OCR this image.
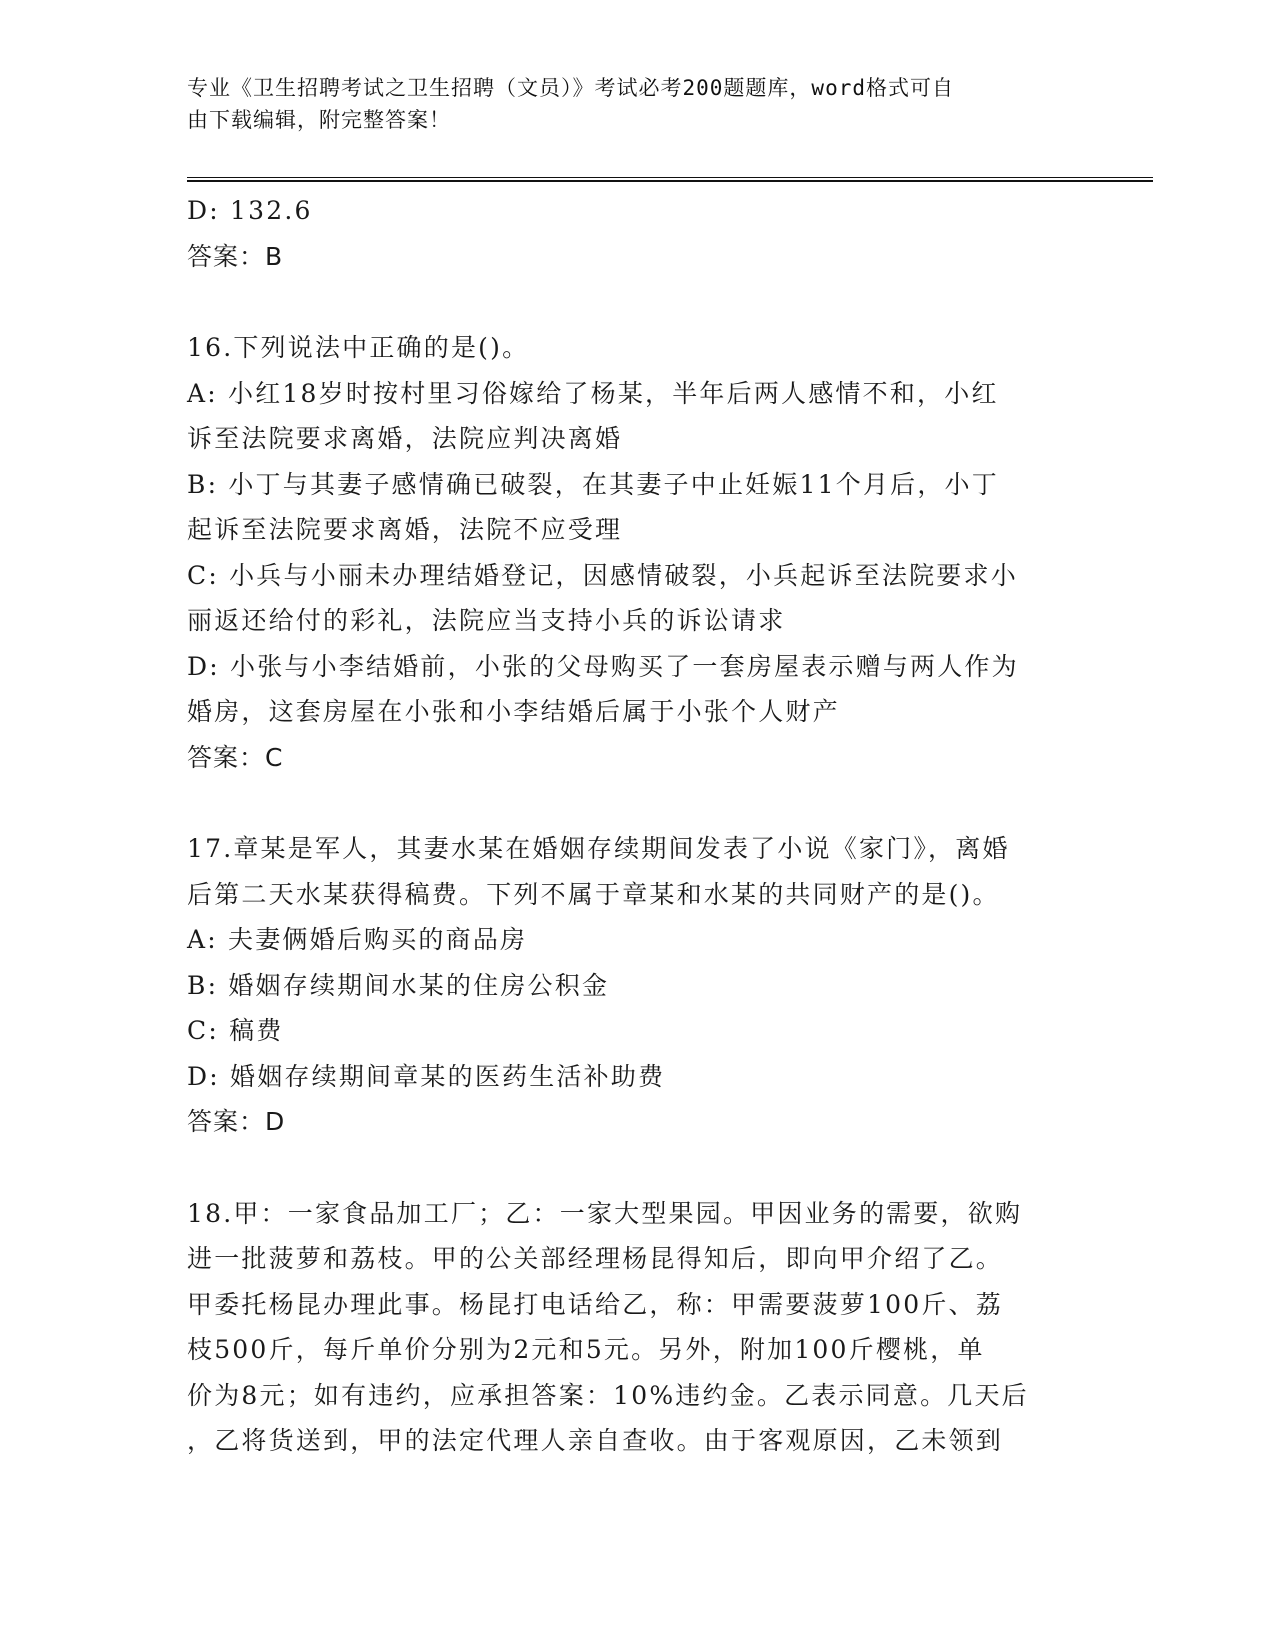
专业《卫生招聘考试之卫生招聘（文员）》考试必考200题题库，word格式可自
由下载编辑，附完整答案！
D: 132.6
答案：B
16.下列说法中正确的是()。
A: 小红18岁时按村里习俗嫁给了杨某，半年后两人感情不和，小红
诉至法院要求离婚，法院应判决离婚
B: 小丁与其妻子感情确已破裂，在其妻子中止妊娠11个月后，小丁
起诉至法院要求离婚，法院不应受理
C: 小兵与小丽未办理结婚登记，因感情破裂，小兵起诉至法院要求小
丽返还给付的彩礼，法院应当支持小兵的诉讼请求
D: 小张与小李结婚前，小张的父母购买了一套房屋表示赠与两人作为
婚房，这套房屋在小张和小李结婚后属于小张个人财产
答案：C
17.章某是军人，其妻水某在婚姻存续期间发表了小说《家门》，离婚
后第二天水某获得稿费。下列不属于章某和水某的共同财产的是()。
A: 夫妻俩婚后购买的商品房
B: 婚姻存续期间水某的住房公积金
C: 稿费
D: 婚姻存续期间章某的医药生活补助费
答案：D
18.甲：一家食品加工厂；乙：一家大型果园。甲因业务的需要，欲购
进一批菠萝和荔枝。甲的公关部经理杨昆得知后，即向甲介绍了乙。
甲委托杨昆办理此事。杨昆打电话给乙，称：甲需要菠萝100斤、荔
枝500斤，每斤单价分别为2元和5元。另外，附加100斤樱桃，单
价为8元；如有违约，应承担答案：10%违约金。乙表示同意。几天后
，乙将货送到，甲的法定代理人亲自查收。由于客观原因，乙未领到
